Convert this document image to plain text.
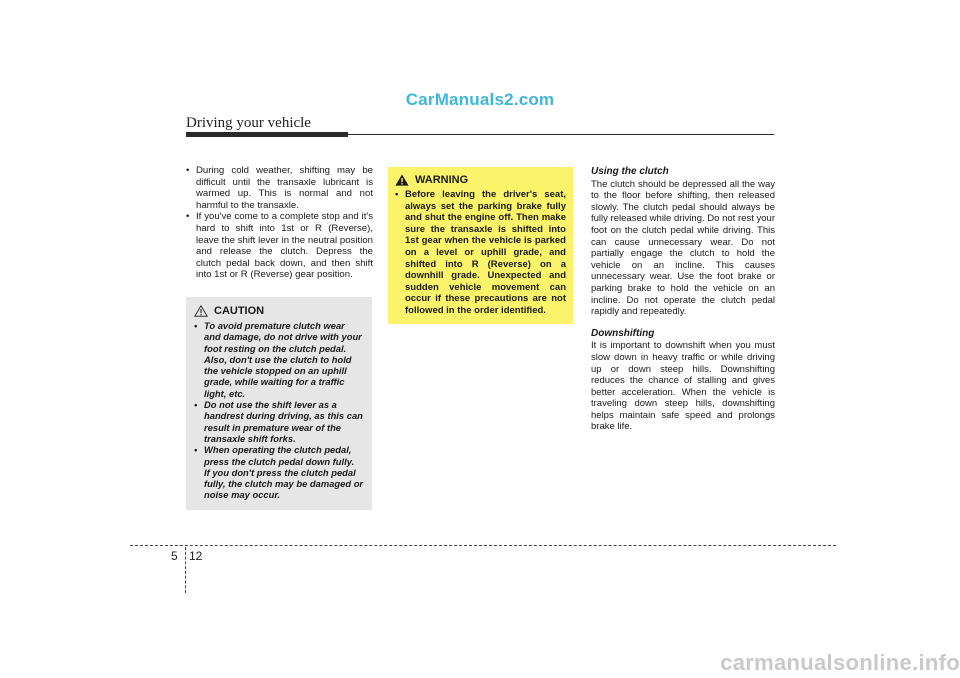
CarManuals2.com
Driving your vehicle
• During cold weather, shifting may be difficult until the transaxle lubricant is warmed up. This is normal and not harmful to the transaxle.
• If you've come to a complete stop and it's hard to shift into 1st or R (Reverse), leave the shift lever in the neutral position and release the clutch. Depress the clutch pedal back down, and then shift into 1st or R (Reverse) gear position.
CAUTION
• To avoid premature clutch wear and damage, do not drive with your foot resting on the clutch pedal. Also, don't use the clutch to hold the vehicle stopped on an uphill grade, while waiting for a traffic light, etc.
• Do not use the shift lever as a handrest during driving, as this can result in premature wear of the transaxle shift forks.
• When operating the clutch pedal, press the clutch pedal down fully.

If you don't press the clutch pedal fully, the clutch may be damaged or noise may occur.

WARNING
• Before leaving the driver's seat, always set the parking brake fully and shut the engine off. Then make sure the transaxle is shifted into 1st gear when the vehicle is parked on a level or uphill grade, and shifted into R (Reverse) on a downhill grade. Unexpected and sudden vehicle movement can occur if these precautions are not followed in the order identified.

Using the clutch

The clutch should be depressed all the way to the floor before shifting, then released slowly. The clutch pedal should always be fully released while driving. Do not rest your foot on the clutch pedal while driving. This can cause unnecessary wear. Do not partially engage the clutch to hold the vehicle on an incline. This causes unnecessary wear. Use the foot brake or parking brake to hold the vehicle on an incline. Do not operate the clutch pedal rapidly and repeatedly.

Downshifting

It is important to downshift when you must slow down in heavy traffic or while driving up or down steep hills. Downshifting reduces the chance of stalling and gives better acceleration. When the vehicle is traveling down steep hills, downshifting helps maintain safe speed and prolongs brake life.

5 12
carmanualsonline.info
